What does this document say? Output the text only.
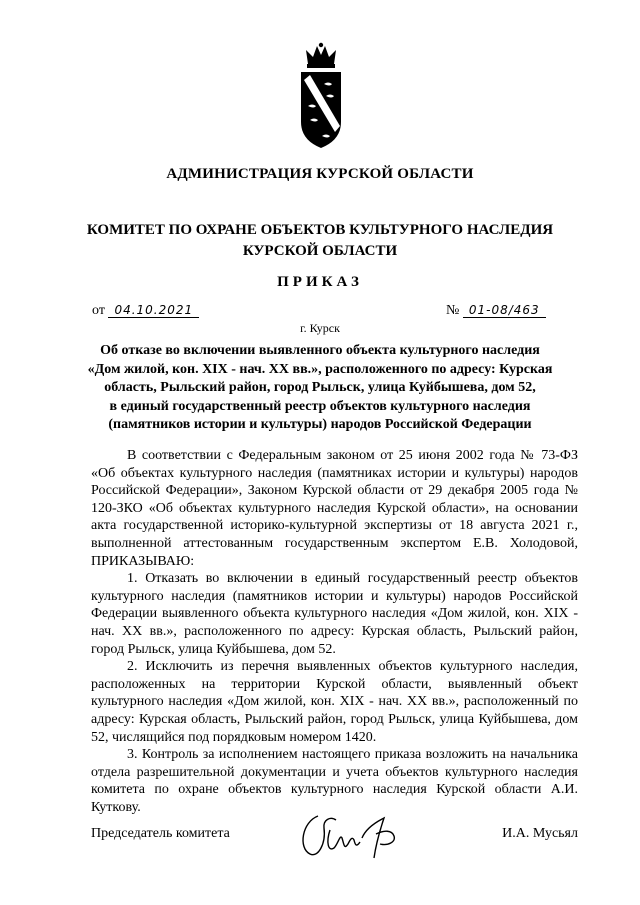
АДМИНИСТРАЦИЯ КУРСКОЙ ОБЛАСТИ
КОМИТЕТ ПО ОХРАНЕ ОБЪЕКТОВ КУЛЬТУРНОГО НАСЛЕДИЯ
КУРСКОЙ ОБЛАСТИ
ПРИКАЗ
от 04.10.2021	№ 01-08/463
г. Курск
Об отказе во включении выявленного объекта культурного наследия
«Дом жилой, кон. XIX - нач. XX вв.», расположенного по адресу: Курская
область, Рыльский район, город Рыльск, улица Куйбышева, дом 52,
в единый государственный реестр объектов культурного наследия
(памятников истории и культуры) народов Российской Федерации

В соответствии с Федеральным законом от 25 июня 2002 года № 73-ФЗ «Об объектах культурного наследия (памятниках истории и культуры) народов Российской Федерации», Законом Курской области от 29 декабря 2005 года № 120-ЗКО «Об объектах культурного наследия Курской области», на основании акта государственной историко-культурной экспертизы от 18 августа 2021 г., выполненной аттестованным государственным экспертом Е.В. Холодовой, ПРИКАЗЫВАЮ:

1. Отказать во включении в единый государственный реестр объектов культурного наследия (памятников истории и культуры) народов Российской Федерации выявленного объекта культурного наследия «Дом жилой, кон. XIX - нач. XX вв.», расположенного по адресу: Курская область, Рыльский район, город Рыльск, улица Куйбышева, дом 52.

2. Исключить из перечня выявленных объектов культурного наследия, расположенных на территории Курской области, выявленный объект культурного наследия «Дом жилой, кон. XIX - нач. XX вв.», расположенный по адресу: Курская область, Рыльский район, город Рыльск, улица Куйбышева, дом 52, числящийся под порядковым номером 1420.

3. Контроль за исполнением настоящего приказа возложить на начальника отдела разрешительной документации и учета объектов культурного наследия комитета по охране объектов культурного наследия Курской области А.И. Куткову.

Председатель комитета	И.А. Мусьял
